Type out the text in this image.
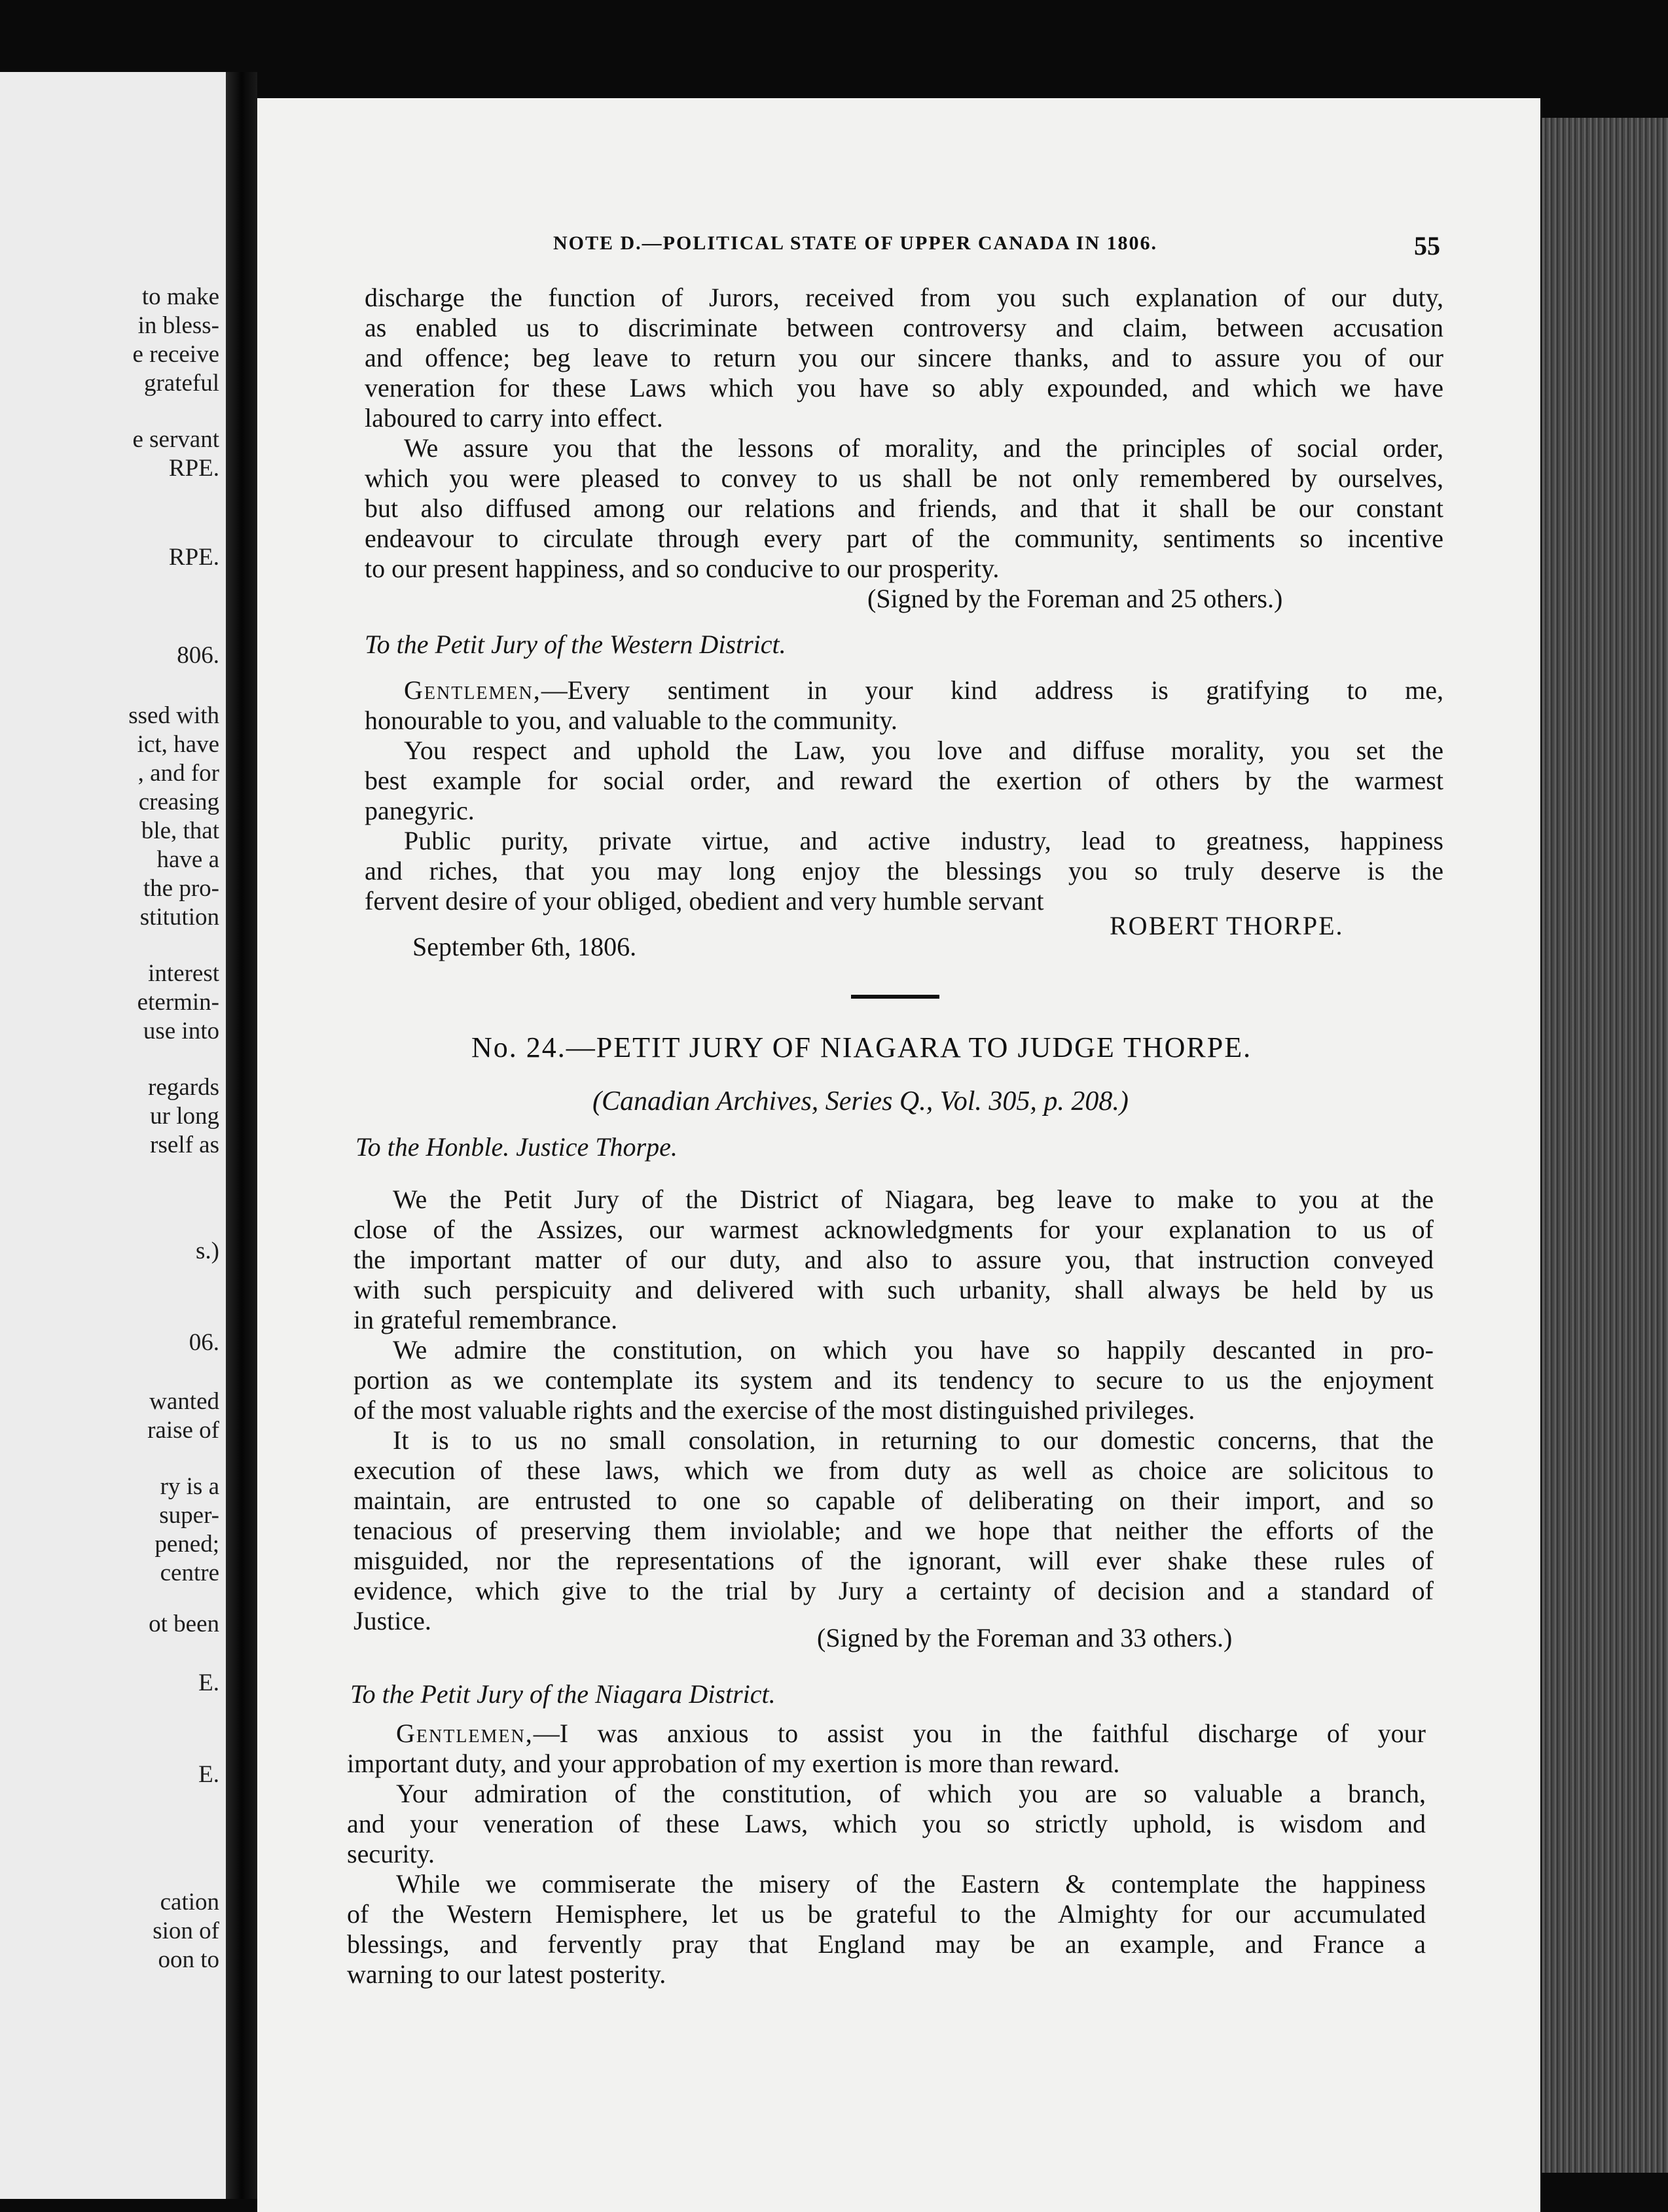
to make
in bless-
e receive
grateful
e servant
RPE.
RPE.
806.
ssed with
ict, have
, and for
creasing
ble, that
have a
the pro-
stitution
interest
etermin-
use into
regards
ur long
rself as
s.)
06.
wanted
raise of
ry is a
super-
pened;
centre
ot been
E.
E.
cation
sion of
oon to
NOTE D.—POLITICAL STATE OF UPPER CANADA IN 1806.	55
discharge the function of Jurors, received from you such explanation of our duty,
as enabled us to discriminate between controversy and claim, between accusation
and offence; beg leave to return you our sincere thanks, and to assure you of our
veneration for these Laws which you have so ably expounded, and which we have
laboured to carry into effect.
We assure you that the lessons of morality, and the principles of social order,
which you were pleased to convey to us shall be not only remembered by ourselves,
but also diffused among our relations and friends, and that it shall be our constant
endeavour to circulate through every part of the community, sentiments so incentive
to our present happiness, and so conducive to our prosperity.
(Signed by the Foreman and 25 others.)
To the Petit Jury of the Western District.
Gentlemen, —Every sentiment in your kind address is gratifying to me,
honourable to you, and valuable to the community.
You respect and uphold the Law, you love and diffuse morality, you set the
best example for social order, and reward the exertion of others by the warmest
panegyric.
Public purity, private virtue, and active industry, lead to greatness, happiness
and riches, that you may long enjoy the blessings you so truly deserve is the
fervent desire of your obliged, obedient and very humble servant
ROBERT THORPE.
September 6th, 1806.
No. 24.—PETIT JURY OF NIAGARA TO JUDGE THORPE.
(Canadian Archives, Series Q., Vol. 305, p. 208.)
To the Honble. Justice Thorpe.
We the Petit Jury of the District of Niagara, beg leave to make to you at the
close of the Assizes, our warmest acknowledgments for your explanation to us of
the important matter of our duty, and also to assure you, that instruction conveyed
with such perspicuity and delivered with such urbanity, shall always be held by us
in grateful remembrance.
We admire the constitution, on which you have so happily descanted in pro-
portion as we contemplate its system and its tendency to secure to us the enjoyment
of the most valuable rights and the exercise of the most distinguished privileges.
It is to us no small consolation, in returning to our domestic concerns, that the
execution of these laws, which we from duty as well as choice are solicitous to
maintain, are entrusted to one so capable of deliberating on their import, and so
tenacious of preserving them inviolable; and we hope that neither the efforts of the
misguided, nor the representations of the ignorant, will ever shake these rules of
evidence, which give to the trial by Jury a certainty of decision and a standard of
Justice.
(Signed by the Foreman and 33 others.)
To the Petit Jury of the Niagara District.
Gentlemen, —I was anxious to assist you in the faithful discharge of your
important duty, and your approbation of my exertion is more than reward.
Your admiration of the constitution, of which you are so valuable a branch,
and your veneration of these Laws, which you so strictly uphold, is wisdom and
security.
While we commiserate the misery of the Eastern & contemplate the happiness
of the Western Hemisphere, let us be grateful to the Almighty for our accumulated
blessings, and fervently pray that England may be an example, and France a
warning to our latest posterity.
